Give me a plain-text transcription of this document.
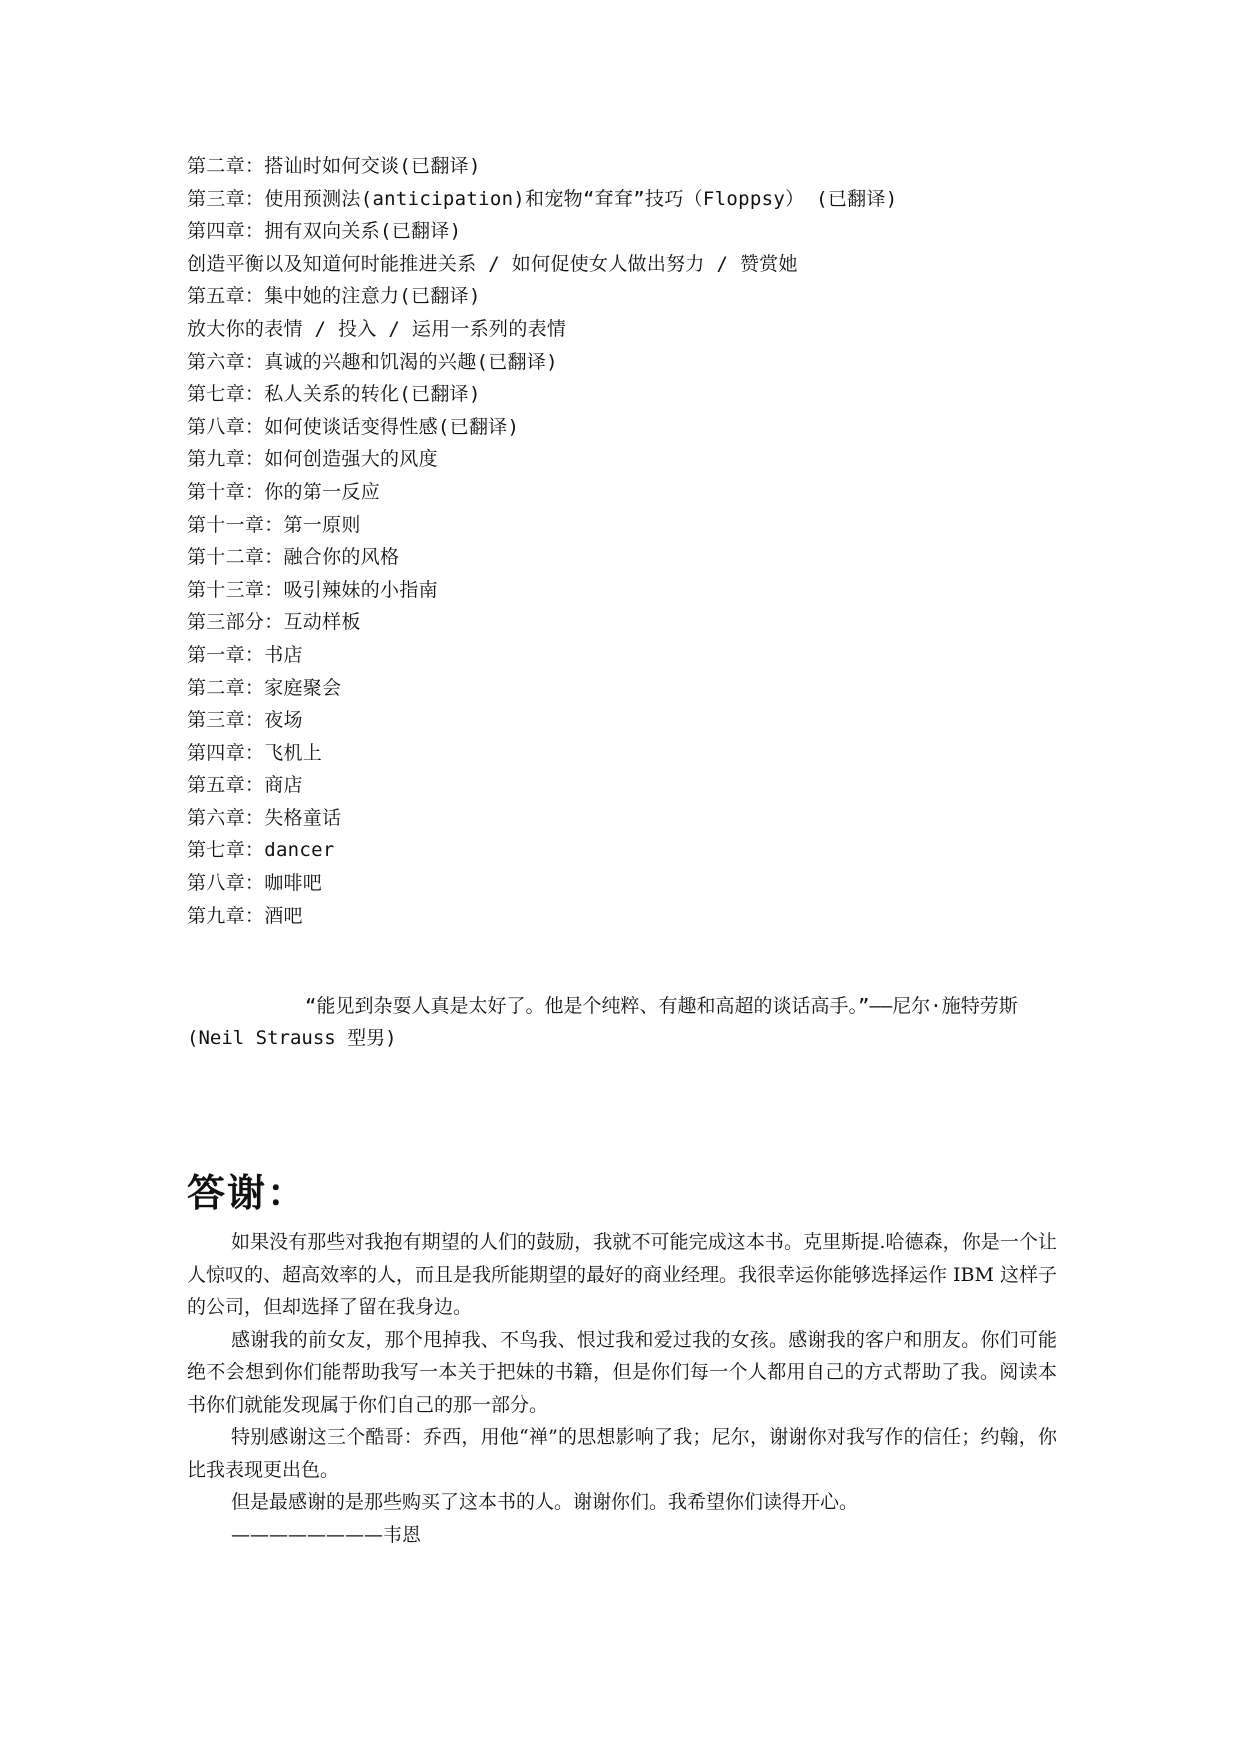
第二章：搭讪时如何交谈(已翻译)
第三章：使用预测法(anticipation)和宠物“耷耷”技巧（Floppsy） (已翻译)
第四章：拥有双向关系(已翻译)
创造平衡以及知道何时能推进关系 / 如何促使女人做出努力 / 赞赏她
第五章：集中她的注意力(已翻译)
放大你的表情 / 投入 / 运用一系列的表情
第六章：真诚的兴趣和饥渴的兴趣(已翻译)
第七章：私人关系的转化(已翻译)
第八章：如何使谈话变得性感(已翻译)
第九章：如何创造强大的风度
第十章：你的第一反应
第十一章：第一原则
第十二章：融合你的风格
第十三章：吸引辣妹的小指南
第三部分：互动样板
第一章：书店
第二章：家庭聚会
第三章：夜场
第四章：飞机上
第五章：商店
第六章：失格童话
第七章：dancer
第八章：咖啡吧
第九章：酒吧

“能见到杂耍人真是太好了。他是个纯粹、有趣和高超的谈话高手。”——尼尔·施特劳斯(Neil Strauss 型男)

答谢：

如果没有那些对我抱有期望的人们的鼓励，我就不可能完成这本书。克里斯提.哈德森，你是一个让人惊叹的、超高效率的人，而且是我所能期望的最好的商业经理。我很幸运你能够选择运作 IBM 这样子的公司，但却选择了留在我身边。

感谢我的前女友，那个甩掉我、不鸟我、恨过我和爱过我的女孩。感谢我的客户和朋友。你们可能绝不会想到你们能帮助我写一本关于把妹的书籍，但是你们每一个人都用自己的方式帮助了我。阅读本书你们就能发现属于你们自己的那一部分。

特别感谢这三个酷哥：乔西，用他“禅”的思想影响了我；尼尔，谢谢你对我写作的信任；约翰，你比我表现更出色。

但是最感谢的是那些购买了这本书的人。谢谢你们。我希望你们读得开心。

————————韦恩
